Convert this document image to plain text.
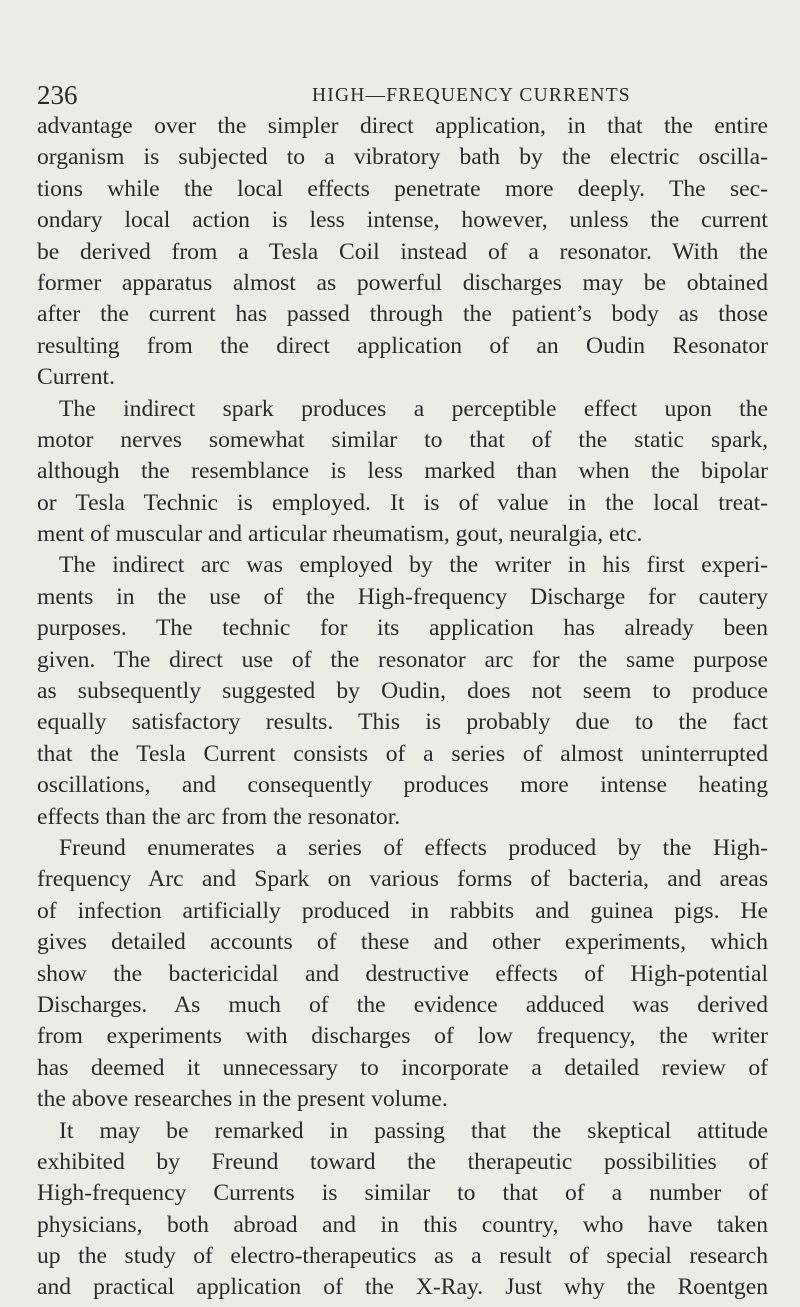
236	HIGH—FREQUENCY CURRENTS
advantage over the simpler direct application, in that the entire
organism is subjected to a vibratory bath by the electric oscilla-
tions while the local effects penetrate more deeply. The sec-
ondary local action is less intense, however, unless the current
be derived from a Tesla Coil instead of a resonator. With the
former apparatus almost as powerful discharges may be obtained
after the current has passed through the patient’s body as those
resulting from the direct application of an Oudin Resonator
Current.
The indirect spark produces a perceptible effect upon the
motor nerves somewhat similar to that of the static spark,
although the resemblance is less marked than when the bipolar
or Tesla Technic is employed. It is of value in the local treat-
ment of muscular and articular rheumatism, gout, neuralgia, etc.
The indirect arc was employed by the writer in his first experi-
ments in the use of the High-frequency Discharge for cautery
purposes. The technic for its application has already been
given. The direct use of the resonator arc for the same purpose
as subsequently suggested by Oudin, does not seem to produce
equally satisfactory results. This is probably due to the fact
that the Tesla Current consists of a series of almost uninterrupted
oscillations, and consequently produces more intense heating
effects than the arc from the resonator.
Freund enumerates a series of effects produced by the High-
frequency Arc and Spark on various forms of bacteria, and areas
of infection artificially produced in rabbits and guinea pigs. He
gives detailed accounts of these and other experiments, which
show the bactericidal and destructive effects of High-potential
Discharges. As much of the evidence adduced was derived
from experiments with discharges of low frequency, the writer
has deemed it unnecessary to incorporate a detailed review of
the above researches in the present volume.
It may be remarked in passing that the skeptical attitude
exhibited by Freund toward the therapeutic possibilities of
High-frequency Currents is similar to that of a number of
physicians, both abroad and in this country, who have taken
up the study of electro-therapeutics as a result of special research
and practical application of the X-Ray. Just why the Roentgen
